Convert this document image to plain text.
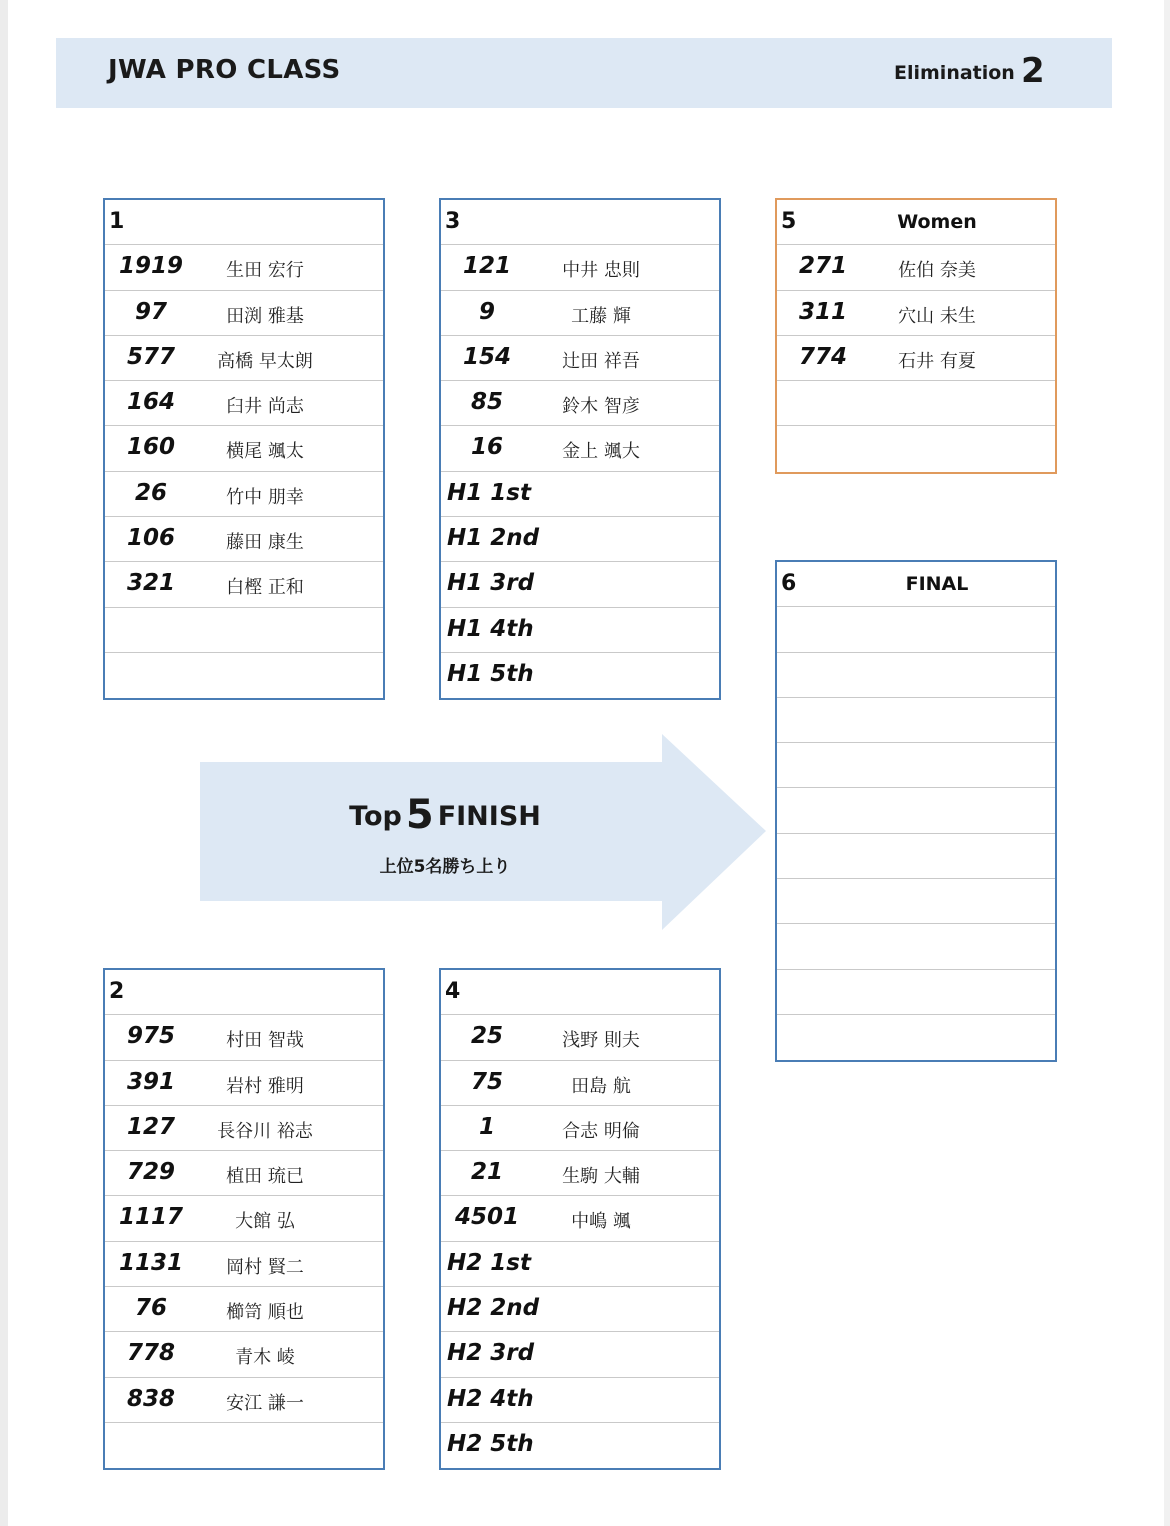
JWA PRO CLASS	Elimination 2
1
1919	生田 宏行
97	田渕 雅基
577	高橋 早太朗
164	臼井 尚志
160	横尾 颯太
26	竹中 朋幸
106	藤田 康生
321	白樫 正和
3
121	中井 忠則
9	工藤 輝
154	辻田 祥吾
85	鈴木 智彦
16	金上 颯大
H1 1st
H1 2nd
H1 3rd
H1 4th
H1 5th
5	Women
271	佐伯 奈美
311	穴山 未生
774	石井 有夏
6	FINAL
Top 5 FINISH
上位5名勝ち上り
2
975	村田 智哉
391	岩村 雅明
127	長谷川 裕志
729	植田 琉已
1117	大館 弘
1131	岡村 賢二
76	櫛笥 順也
778	青木 崚
838	安江 謙一
4
25	浅野 則夫
75	田島 航
1	合志 明倫
21	生駒 大輔
4501	中嶋 颯
H2 1st
H2 2nd
H2 3rd
H2 4th
H2 5th
